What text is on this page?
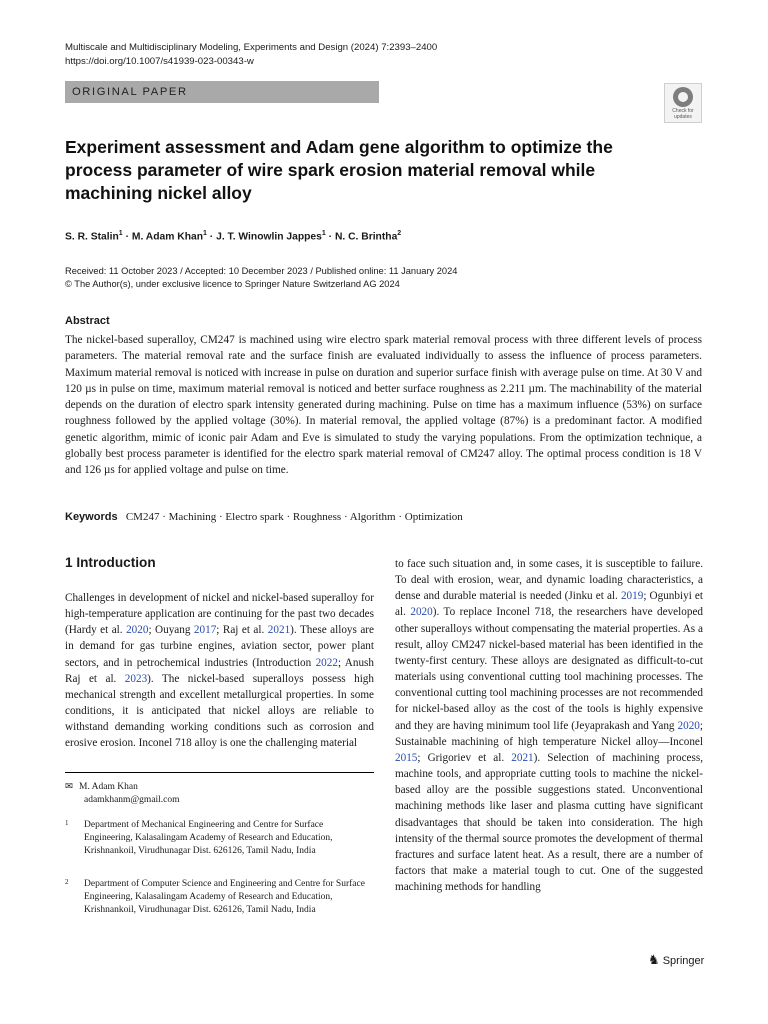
Multiscale and Multidisciplinary Modeling, Experiments and Design (2024) 7:2393–2400
https://doi.org/10.1007/s41939-023-00343-w
ORIGINAL PAPER
Check for updates
Experiment assessment and Adam gene algorithm to optimize the process parameter of wire spark erosion material removal while machining nickel alloy
S. R. Stalin$^1$ · M. Adam Khan$^1$ · J. T. Winowlin Jappes$^1$ · N. C. Brintha$^2$
Received: 11 October 2023 / Accepted: 10 December 2023 / Published online: 11 January 2024
© The Author(s), under exclusive licence to Springer Nature Switzerland AG 2024
Abstract
The nickel-based superalloy, CM247 is machined using wire electro spark material removal process with three different levels of process parameters. The material removal rate and the surface finish are evaluated individually to assess the influence of process parameters. Maximum material removal is noticed with increase in pulse on duration and superior surface finish with average pulse on time. At 30 V and 120 µs in pulse on time, maximum material removal is noticed and better surface roughness as 2.211 µm. The machinability of the material depends on the duration of electro spark intensity generated during machining. Pulse on time has a maximum influence (53%) on surface roughness followed by the applied voltage (30%). In material removal, the applied voltage (87%) is a predominant factor. A modified genetic algorithm, mimic of iconic pair Adam and Eve is simulated to study the varying populations. From the optimization technique, a globally best process parameter is identified for the electro spark material removal of CM247 alloy. The optimal process condition is 18 V and 126 µs for applied voltage and pulse on time.
Keywords CM247 · Machining · Electro spark · Roughness · Algorithm · Optimization
1 Introduction
Challenges in development of nickel and nickel-based superalloy for high-temperature application are continuing for the past two decades (Hardy et al. 2020; Ouyang 2017; Raj et al. 2021). These alloys are in demand for gas turbine engines, aviation sector, power plant sectors, and in petrochemical industries (Introduction 2022; Anush Raj et al. 2023). The nickel-based superalloys possess high mechanical strength and excellent metallurgical properties. In some conditions, it is anticipated that nickel alloys are reliable to withstand demanding working conditions such as corrosion and erosive erosion. Inconel 718 alloy is one the challenging material
to face such situation and, in some cases, it is susceptible to failure. To deal with erosion, wear, and dynamic loading characteristics, a dense and durable material is needed (Jinku et al. 2019; Ogunbiyi et al. 2020). To replace Inconel 718, the researchers have developed other superalloys without compensating the material properties. As a result, alloy CM247 nickel-based material has been identified in the twenty-first century. These alloys are designated as difficult-to-cut materials using conventional cutting tool machining processes. The conventional cutting tool machining processes are not recommended for nickel-based alloy as the cost of the tools is highly expensive and they are having minimum tool life (Jeyaprakash and Yang 2020; Sustainable machining of high temperature Nickel alloy—Inconel 2015; Grigoriev et al. 2021). Selection of machining process, machine tools, and appropriate cutting tools to machine the nickel-based alloy are the possible suggestions stated. Unconventional machining methods like laser and plasma cutting have significant disadvantages that should be taken into consideration. The high intensity of the thermal source promotes the development of thermal fractures and surface latent heat. As a result, there are a number of factors that make a material tough to cut. One of the suggested machining methods for handling
✉ M. Adam Khan
adamkhanm@gmail.com
1 Department of Mechanical Engineering and Centre for Surface Engineering, Kalasalingam Academy of Research and Education, Krishnankoil, Virudhunagar Dist. 626126, Tamil Nadu, India
2 Department of Computer Science and Engineering and Centre for Surface Engineering, Kalasalingam Academy of Research and Education, Krishnankoil, Virudhunagar Dist. 626126, Tamil Nadu, India
♞ Springer
